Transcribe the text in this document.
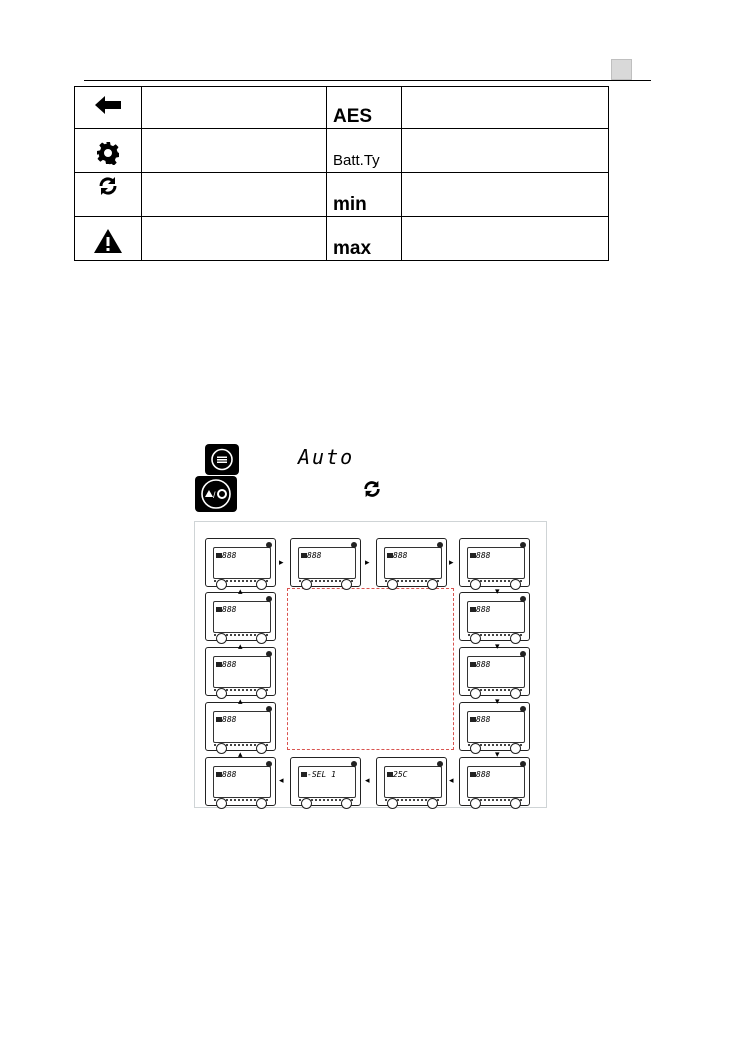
AES	

Batt.Ty	

min	

max	

Auto
/
888	888	888	888
888	888
888	888
888	888
888	-SEL 1	25C	888
▸	▸	▸
▾
▾
▾
▾
◂
◂
◂
▴
▴
▴
▴
